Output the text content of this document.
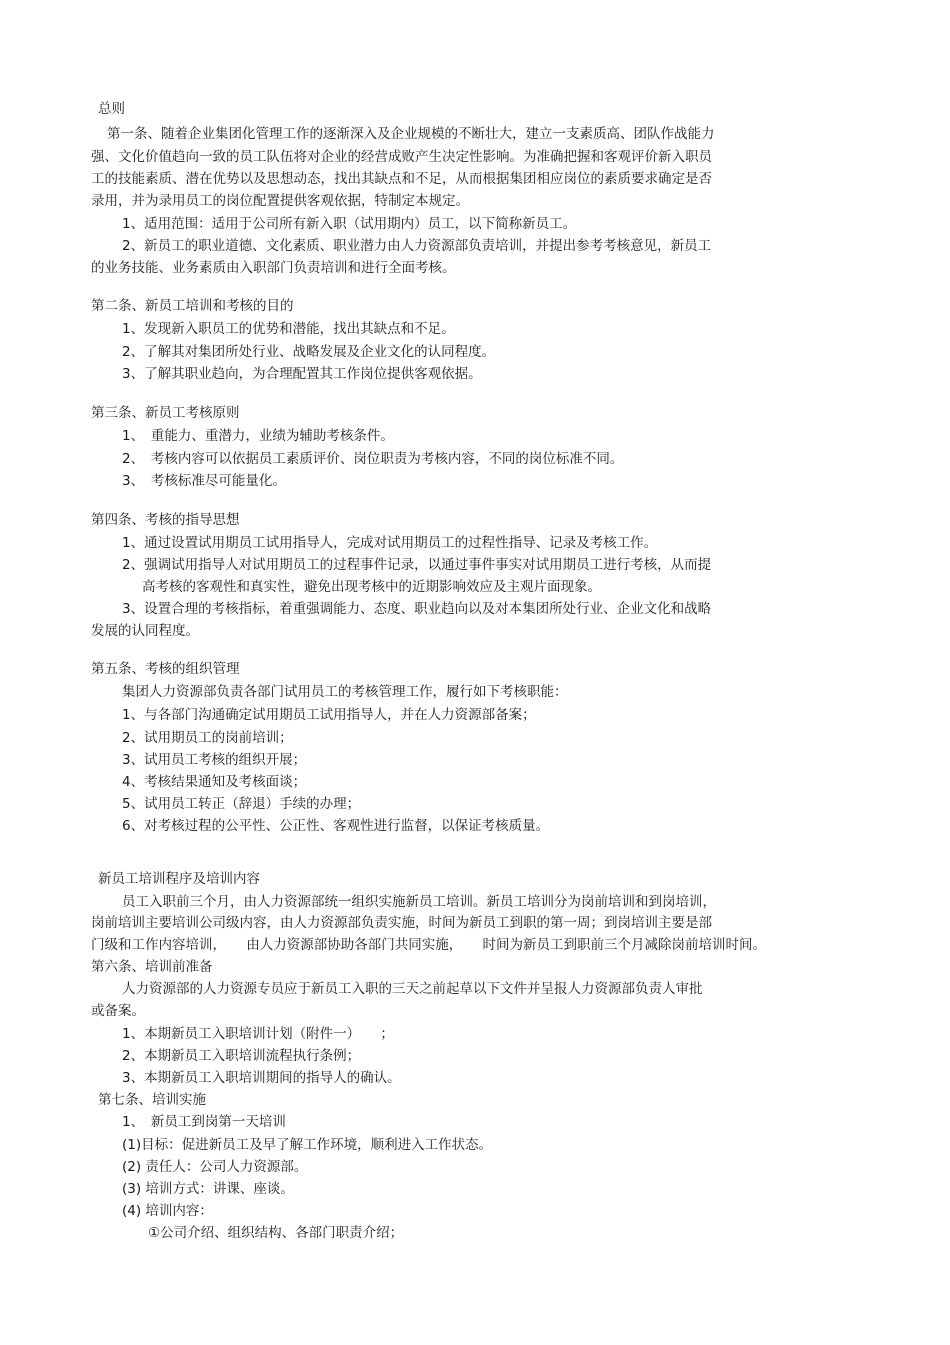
总则
第一条、随着企业集团化管理工作的逐渐深入及企业规模的不断壮大，建立一支素质高、团队作战能力
强、文化价值趋向一致的员工队伍将对企业的经营成败产生决定性影响。为准确把握和客观评价新入职员
工的技能素质、潜在优势以及思想动态，找出其缺点和不足，从而根据集团相应岗位的素质要求确定是否
录用，并为录用员工的岗位配置提供客观依据，特制定本规定。
1、适用范围：适用于公司所有新入职（试用期内）员工，以下简称新员工。
2、新员工的职业道德、文化素质、职业潜力由人力资源部负责培训，并提出参考考核意见，新员工
的业务技能、业务素质由入职部门负责培训和进行全面考核。
第二条、新员工培训和考核的目的
1、发现新入职员工的优势和潜能，找出其缺点和不足。
2、了解其对集团所处行业、战略发展及企业文化的认同程度。
3、了解其职业趋向，为合理配置其工作岗位提供客观依据。
第三条、新员工考核原则
1、　重能力、重潜力，业绩为辅助考核条件。
2、　考核内容可以依据员工素质评价、岗位职责为考核内容，不同的岗位标准不同。
3、　考核标准尽可能量化。
第四条、考核的指导思想
1、通过设置试用期员工试用指导人，完成对试用期员工的过程性指导、记录及考核工作。
2、强调试用指导人对试用期员工的过程事件记录，以通过事件事实对试用期员工进行考核，从而提
高考核的客观性和真实性，避免出现考核中的近期影响效应及主观片面现象。
3、设置合理的考核指标，着重强调能力、态度、职业趋向以及对本集团所处行业、企业文化和战略
发展的认同程度。
第五条、考核的组织管理
集团人力资源部负责各部门试用员工的考核管理工作，履行如下考核职能：
1、与各部门沟通确定试用期员工试用指导人，并在人力资源部备案；
2、试用期员工的岗前培训；
3、试用员工考核的组织开展；
4、考核结果通知及考核面谈；
5、试用员工转正（辞退）手续的办理；
6、对考核过程的公平性、公正性、客观性进行监督，以保证考核质量。
新员工培训程序及培训内容
员工入职前三个月，由人力资源部统一组织实施新员工培训。新员工培训分为岗前培训和到岗培训，
岗前培训主要培训公司级内容，由人力资源部负责实施，时间为新员工到职的第一周；到岗培训主要是部
门级和工作内容培训，　　由人力资源部协助各部门共同实施，　　时间为新员工到职前三个月减除岗前培训时间。
第六条、培训前准备
人力资源部的人力资源专员应于新员工入职的三天之前起草以下文件并呈报人力资源部负责人审批
或备案。
1、本期新员工入职培训计划（附件一）　　；
2、本期新员工入职培训流程执行条例；
3、本期新员工入职培训期间的指导人的确认。
第七条、培训实施
1、　新员工到岗第一天培训
(1)目标：促进新员工及早了解工作环境，顺利进入工作状态。
(2) 责任人：公司人力资源部。
(3) 培训方式：讲课、座谈。
(4) 培训内容：
①公司介绍、组织结构、各部门职责介绍；
